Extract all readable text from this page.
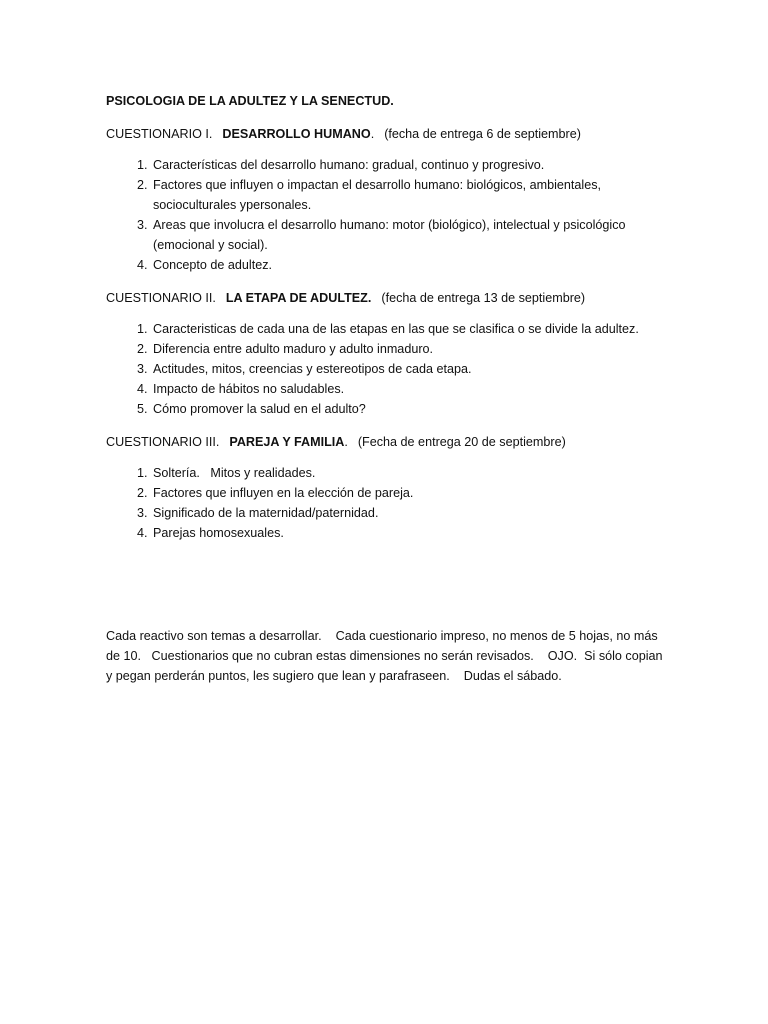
PSICOLOGIA DE LA ADULTEZ Y LA SENECTUD.

CUESTIONARIO I. DESARROLLO HUMANO. (fecha de entrega 6 de septiembre)

1. Características del desarrollo humano: gradual, continuo y progresivo.
2. Factores que influyen o impactan el desarrollo humano: biológicos, ambientales, socioculturales ypersonales.
3. Areas que involucra el desarrollo humano: motor (biológico), intelectual y psicológico (emocional y social).
4. Concepto de adultez.

CUESTIONARIO II. LA ETAPA DE ADULTEZ. (fecha de entrega 13 de septiembre)

1. Caracteristicas de cada una de las etapas en las que se clasifica o se divide la adultez.
2. Diferencia entre adulto maduro y adulto inmaduro.
3. Actitudes, mitos, creencias y estereotipos de cada etapa.
4. Impacto de hábitos no saludables.
5. Cómo promover la salud en el adulto?

CUESTIONARIO III. PAREJA Y FAMILIA. (Fecha de entrega 20 de septiembre)

1. Soltería.   Mitos y realidades.
2. Factores que influyen en la elección de pareja.
3. Significado de la maternidad/paternidad.
4. Parejas homosexuales.

Cada reactivo son temas a desarrollar.    Cada cuestionario impreso, no menos de 5 hojas, no más de 10.   Cuestionarios que no cubran estas dimensiones no serán revisados.    OJO.  Si sólo copian y pegan perderán puntos, les sugiero que lean y parafraseen.    Dudas el sábado.
